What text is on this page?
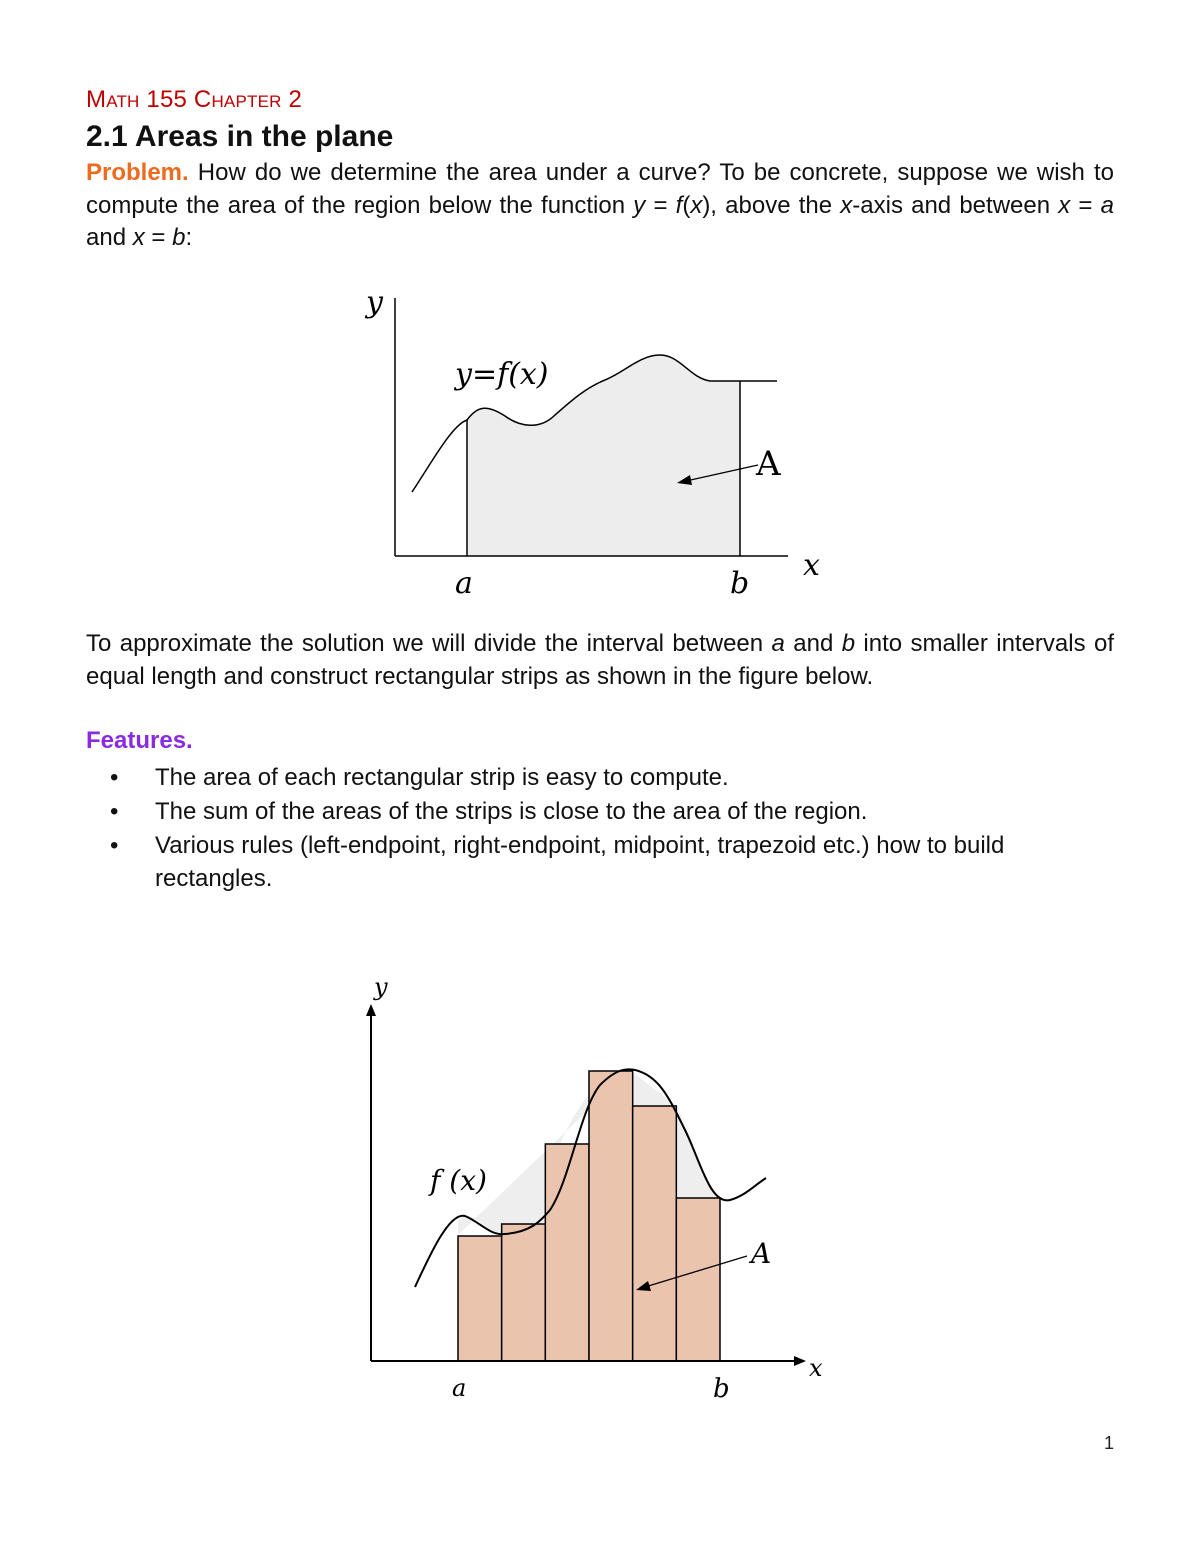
Math 155 Chapter 2
2.1 Areas in the plane

Problem. How do we determine the area under a curve? To be concrete, suppose we wish to compute the area of the region below the function y = f(x), above the x-axis and between x = a and x = b:

y
x
y=f(x)
A
a	b

To approximate the solution we will divide the interval between a and b into smaller intervals of equal length and construct rectangular strips as shown in the figure below.

Features.
• The area of each rectangular strip is easy to compute.
• The sum of the areas of the strips is close to the area of the region.
• Various rules (left-endpoint, right-endpoint, midpoint, trapezoid etc.) how to build rectangles.
y
x
f (x)
A
a	b
1
